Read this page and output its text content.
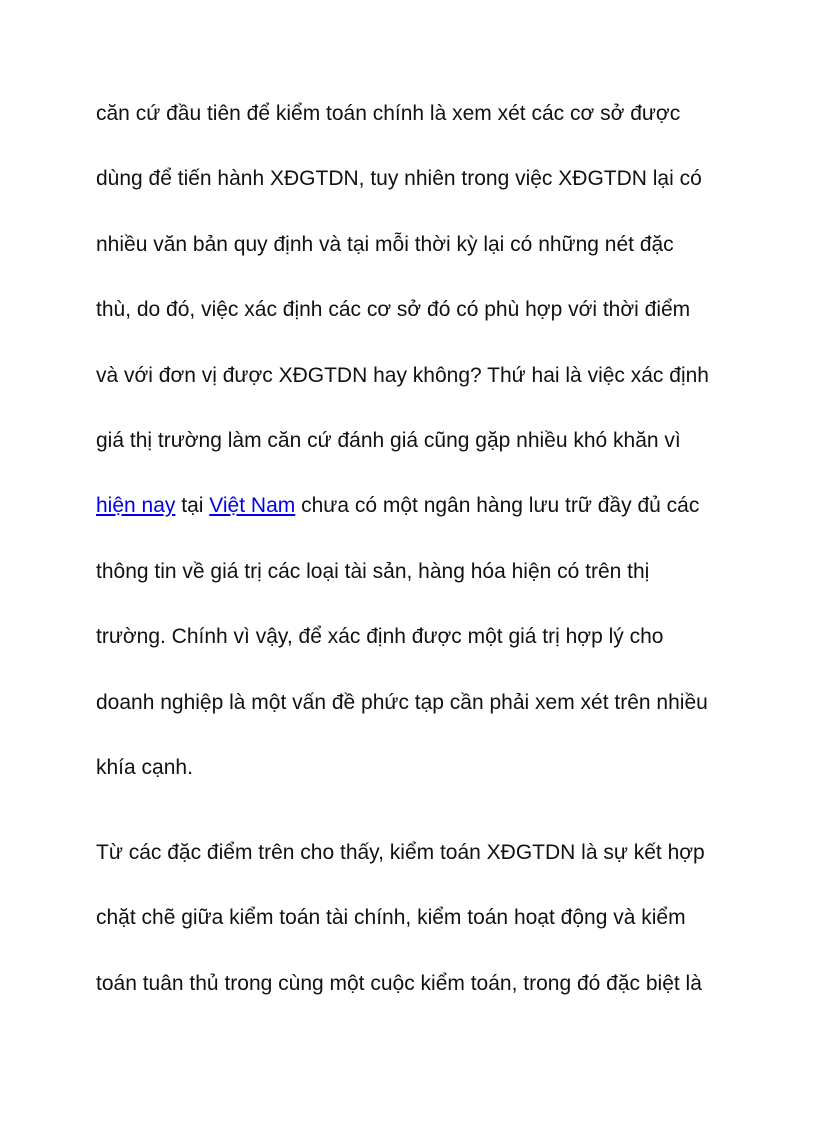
căn cứ đầu tiên để kiểm toán chính là xem xét các cơ sở được
dùng để tiến hành XĐGTDN, tuy nhiên trong việc XĐGTDN lại có
nhiều văn bản quy định và tại mỗi thời kỳ lại có những nét đặc
thù, do đó, việc xác định các cơ sở đó có phù hợp với thời điểm
và với đơn vị được XĐGTDN hay không? Thứ hai là việc xác định
giá thị trường làm căn cứ đánh giá cũng gặp nhiều khó khăn vì
hiện nay tại Việt Nam chưa có một ngân hàng lưu trữ đầy đủ các
thông tin về giá trị các loại tài sản, hàng hóa hiện có trên thị
trường. Chính vì vậy, để xác định được một giá trị hợp lý cho
doanh nghiệp là một vấn đề phức tạp cần phải xem xét trên nhiều
khía cạnh.
Từ các đặc điểm trên cho thấy, kiểm toán XĐGTDN là sự kết hợp
chặt chẽ giữa kiểm toán tài chính, kiểm toán hoạt động và kiểm
toán tuân thủ trong cùng một cuộc kiểm toán, trong đó đặc biệt là
